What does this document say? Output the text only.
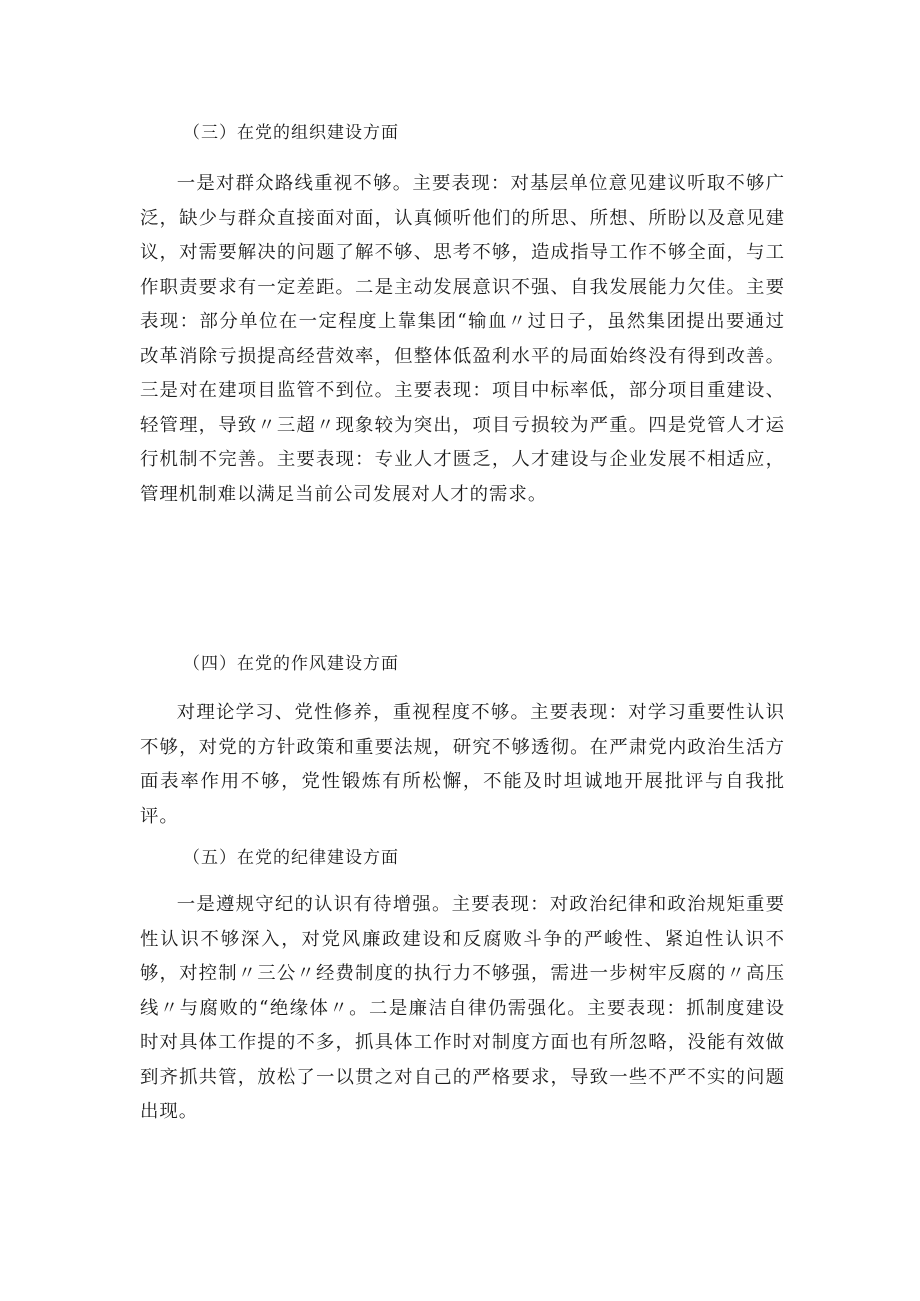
（三）在党的组织建设方面

一是对群众路线重视不够。主要表现：对基层单位意见建议听取不够广泛，缺少与群众直接面对面，认真倾听他们的所思、所想、所盼以及意见建议，对需要解决的问题了解不够、思考不够，造成指导工作不够全面，与工作职责要求有一定差距。二是主动发展意识不强、自我发展能力欠佳。主要表现：部分单位在一定程度上靠集团“输血〃过日子，虽然集团提出要通过改革消除亏损提高经营效率，但整体低盈利水平的局面始终没有得到改善。三是对在建项目监管不到位。主要表现：项目中标率低，部分项目重建设、轻管理，导致〃三超〃现象较为突出，项目亏损较为严重。四是党管人才运行机制不完善。主要表现：专业人才匮乏，人才建设与企业发展不相适应，管理机制难以满足当前公司发展对人才的需求。

（四）在党的作风建设方面

对理论学习、党性修养，重视程度不够。主要表现：对学习重要性认识不够，对党的方针政策和重要法规，研究不够透彻。在严肃党内政治生活方面表率作用不够，党性锻炼有所松懈，不能及时坦诚地开展批评与自我批评。

（五）在党的纪律建设方面

一是遵规守纪的认识有待增强。主要表现：对政治纪律和政治规矩重要性认识不够深入，对党风廉政建设和反腐败斗争的严峻性、紧迫性认识不够，对控制〃三公〃经费制度的执行力不够强，需进一步树牢反腐的〃高压线〃与腐败的“绝缘体〃。二是廉洁自律仍需强化。主要表现：抓制度建设时对具体工作提的不多，抓具体工作时对制度方面也有所忽略，没能有效做到齐抓共管，放松了一以贯之对自己的严格要求，导致一些不严不实的问题出现。
